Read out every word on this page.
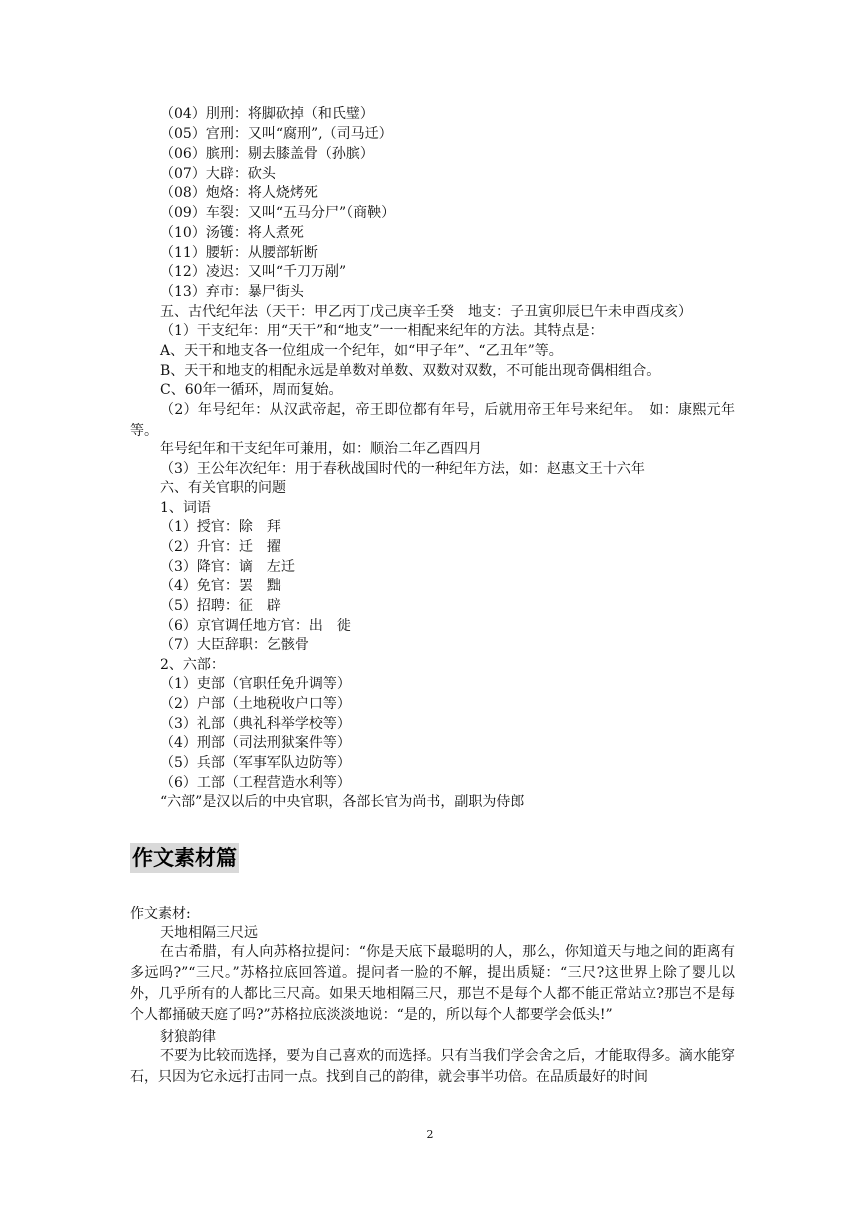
（04）刖刑：将脚砍掉（和氏璧）
（05）宫刑：又叫“腐刑”,（司马迁）
（06）膑刑：剔去膝盖骨（孙膑）
（07）大辟：砍头
（08）炮烙：将人烧烤死
（09）车裂：又叫“五马分尸”（商鞅）
（10）汤镬：将人煮死
（11）腰斩：从腰部斩断
（12）凌迟：又叫“千刀万剐”
（13）弃市：暴尸街头
五、古代纪年法（天干：甲乙丙丁戊己庚辛壬癸　地支：子丑寅卯辰巳午未申酉戌亥）
（1）干支纪年：用“天干”和“地支”一一相配来纪年的方法。其特点是：
A、天干和地支各一位组成一个纪年，如“甲子年”、“乙丑年”等。
B、天干和地支的相配永远是单数对单数、双数对双数，不可能出现奇偶相组合。
C、60年一循环，周而复始。
（2）年号纪年：从汉武帝起，帝王即位都有年号，后就用帝王年号来纪年。　如：康熙元年等。
年号纪年和干支纪年可兼用，如：顺治二年乙酉四月
（3）王公年次纪年：用于春秋战国时代的一种纪年方法，如：赵惠文王十六年
六、有关官职的问题
1、词语
（1）授官：除　拜
（2）升官：迁　擢
（3）降官：谪　左迁
（4）免官：罢　黜
（5）招聘：征　辟
（6）京官调任地方官：出　徙
（7）大臣辞职：乞骸骨
2、六部：
（1）吏部（官职任免升调等）
（2）户部（土地税收户口等）
（3）礼部（典礼科举学校等）
（4）刑部（司法刑狱案件等）
（5）兵部（军事军队边防等）
（6）工部（工程营造水利等）
“六部”是汉以后的中央官职，各部长官为尚书，副职为侍郎
作文素材篇
作文素材:
天地相隔三尺远
在古希腊，有人向苏格拉提问：“你是天底下最聪明的人，那么，你知道天与地之间的距离有多远吗?”“三尺。”苏格拉底回答道。提问者一脸的不解，提出质疑：“三尺?这世界上除了婴儿以外，几乎所有的人都比三尺高。如果天地相隔三尺，那岂不是每个人都不能正常站立?那岂不是每个人都捅破天庭了吗?”苏格拉底淡淡地说：“是的，所以每个人都要学会低头!”
豺狼韵律
不要为比较而选择，要为自己喜欢的而选择。只有当我们学会舍之后，才能取得多。滴水能穿石，只因为它永远打击同一点。找到自己的韵律，就会事半功倍。在品质最好的时间
2
